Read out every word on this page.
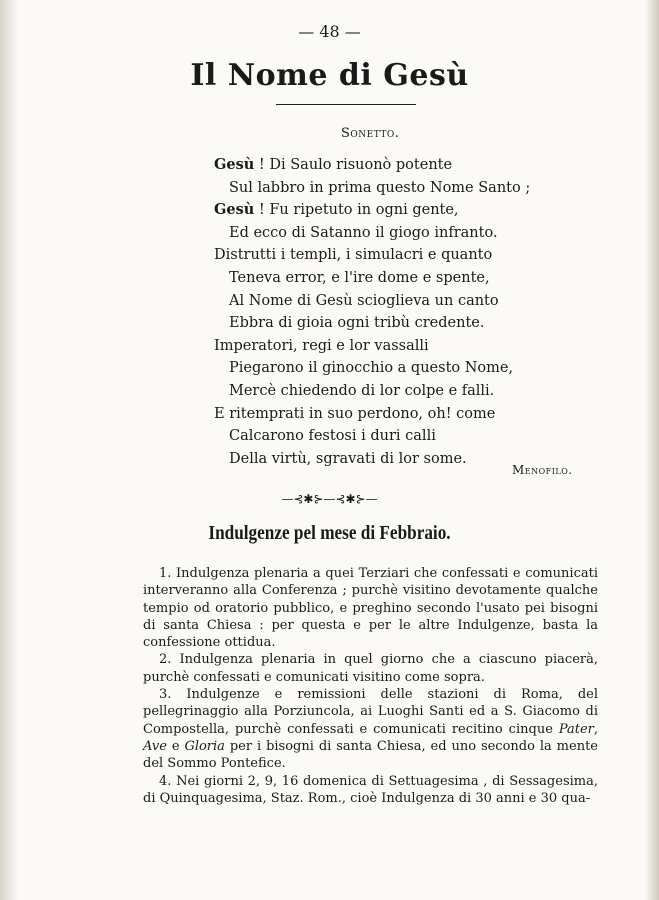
— 48 —
Il Nome di Gesù
Sonetto.
Gesù ! Di Saulo risuonò potente
Sul labbro in prima questo Nome Santo ;
Gesù ! Fu ripetuto in ogni gente,
Ed ecco di Satanno il giogo infranto.
Distrutti i templi, i simulacri e quanto
Teneva error, e l'ire dome e spente,
Al Nome di Gesù scioglieva un canto
Ebbra di gioia ogni tribù credente.
Imperatori, regi e lor vassalli
Piegarono il ginocchio a questo Nome,
Mercè chiedendo di lor colpe e falli.
E ritemprati in suo perdono, oh! come
Calcarono festosi i duri calli
Della virtù, sgravati di lor some.
Menofilo.
—⊰✱⊱—⊰✱⊱—
Indulgenze pel mese di Febbraio.

1. Indulgenza plenaria a quei Terziari che confessati e comunicati interveranno alla Conferenza ; purchè visitino devotamente qualche tempio od oratorio pubblico, e preghino secondo l'usato pei bisogni di santa Chiesa : per questa e per le altre Indulgenze, basta la confessione ottidua.

2. Indulgenza plenaria in quel giorno che a ciascuno piacerà, purchè confessati e comunicati visitino come sopra.

3. Indulgenze e remissioni delle stazioni di Roma, del pellegrinaggio alla Porziuncola, ai Luoghi Santi ed a S. Giacomo di Compostella, purchè confessati e comunicati recitino cinque Pater, Ave e Gloria per i bisogni di santa Chiesa, ed uno secondo la mente del Sommo Pontefice.

4. Nei giorni 2, 9, 16 domenica di Settuagesima , di Sessagesima, di Quinquagesima, Staz. Rom., cioè Indulgenza di 30 anni e 30 qua-
